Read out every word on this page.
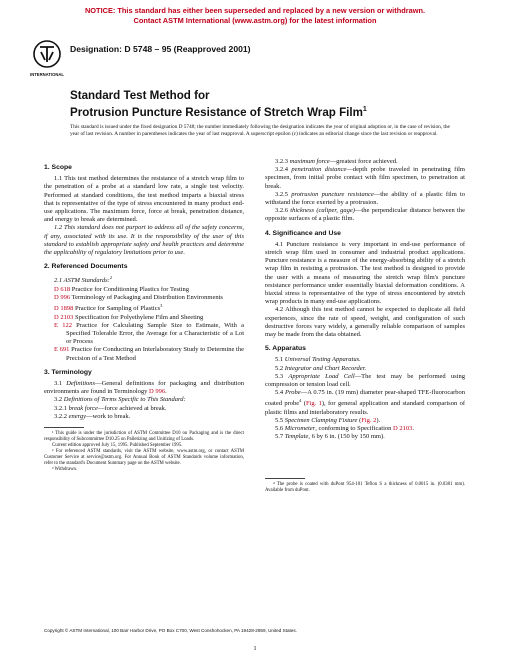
NOTICE: This standard has either been superseded and replaced by a new version or withdrawn.
Contact ASTM International (www.astm.org) for the latest information
INTERNATIONAL
Designation: D 5748 – 95 (Reapproved 2001)
Standard Test Method for
Protrusion Puncture Resistance of Stretch Wrap Film$^1$
This standard is issued under the fixed designation D 5748; the number immediately following the designation indicates the year of original adoption or, in the case of revision, the year of last revision. A number in parentheses indicates the year of last reapproval. A superscript epsilon (ε) indicates an editorial change since the last revision or reapproval.

1. Scope

1.1 This test method determines the resistance of a stretch wrap film to the penetration of a probe at a standard low rate, a single test velocity. Performed at standard conditions, the test method imparts a biaxial stress that is representative of the type of stress encountered in many product end-use applications. The maximum force, force at break, penetration distance, and energy to break are determined.

1.2 This standard does not purport to address all of the safety concerns, if any, associated with its use. It is the responsibility of the user of this standard to establish appropriate safety and health practices and determine the applicability of regulatory limitations prior to use.

2. Referenced Documents

2.1 ASTM Standards:$^2$

D 618 Practice for Conditioning Plastics for Testing

D 996 Terminology of Packaging and Distribution Environments

D 1898 Practice for Sampling of Plastics$^3$

D 2103 Specification for Polyethylene Film and Sheeting

E 122 Practice for Calculating Sample Size to Estimate, With a Specified Tolerable Error, the Average for a Characteristic of a Lot or Process

E 691 Practice for Conducting an Interlaboratory Study to Determine the Precision of a Test Method

3. Terminology

3.1 Definitions—General definitions for packaging and distribution environments are found in Terminology D 996.

3.2 Definitions of Terms Specific to This Standard:

3.2.1 break force—force achieved at break.

3.2.2 energy—work to break.

¹ This guide is under the jurisdiction of ASTM Committee D10 on Packaging and is the direct responsibility of Subcommittee D10.25 on Palletizing and Unitizing of Loads.

Current edition approved July 15, 1995. Published September 1995.

² For referenced ASTM standards, visit the ASTM website, www.astm.org, or contact ASTM Customer Service at service@astm.org. For Annual Book of ASTM Standards volume information, refer to the standard's Document Summary page on the ASTM website.

³ Withdrawn.

3.2.3 maximum force—greatest force achieved.

3.2.4 penetration distance—depth probe traveled in penetrating film specimen, from initial probe contact with film specimen, to penetration at break.

3.2.5 protrusion puncture resistance—the ability of a plastic film to withstand the force exerted by a protrusion.

3.2.6 thickness (caliper, gage)—the perpendicular distance between the opposite surfaces of a plastic film.

4. Significance and Use

4.1 Puncture resistance is very important in end-use performance of stretch wrap film used in consumer and industrial product applications. Puncture resistance is a measure of the energy-absorbing ability of a stretch wrap film in resisting a protrusion. The test method is designed to provide the user with a means of measuring the stretch wrap film's puncture resistance performance under essentially biaxial deformation conditions. A biaxial stress is representative of the type of stress encountered by stretch wrap products in many end-use applications.

4.2 Although this test method cannot be expected to duplicate all field experiences, since the rate of speed, weight, and configuration of such destructive forces vary widely, a generally reliable comparison of samples may be made from the data obtained.

5. Apparatus

5.1 Universal Testing Apparatus.

5.2 Integrator and Chart Recorder.

5.3 Appropriate Load Cell—The test may be performed using compression or tension load cell.

5.4 Probe—A 0.75 in. (19 mm) diameter pear-shaped TFE-fluorocarbon coated probe$^4$ (Fig. 1), for general application and standard comparison of plastic films and interlaboratory results.

5.5 Specimen Clamping Fixture (Fig. 2).

5.6 Micrometer, conforming to Specification D 2103.

5.7 Template, 6 by 6 in. (150 by 150 mm).

⁴ The probe is coated with duPont 954-101 Teflon S a thickness of 0.0015 in. (0.0381 mm). Available from duPont.

Copyright © ASTM International, 100 Barr Harbor Drive, PO Box C700, West Conshohocken, PA 19428-2959, United States.
1
